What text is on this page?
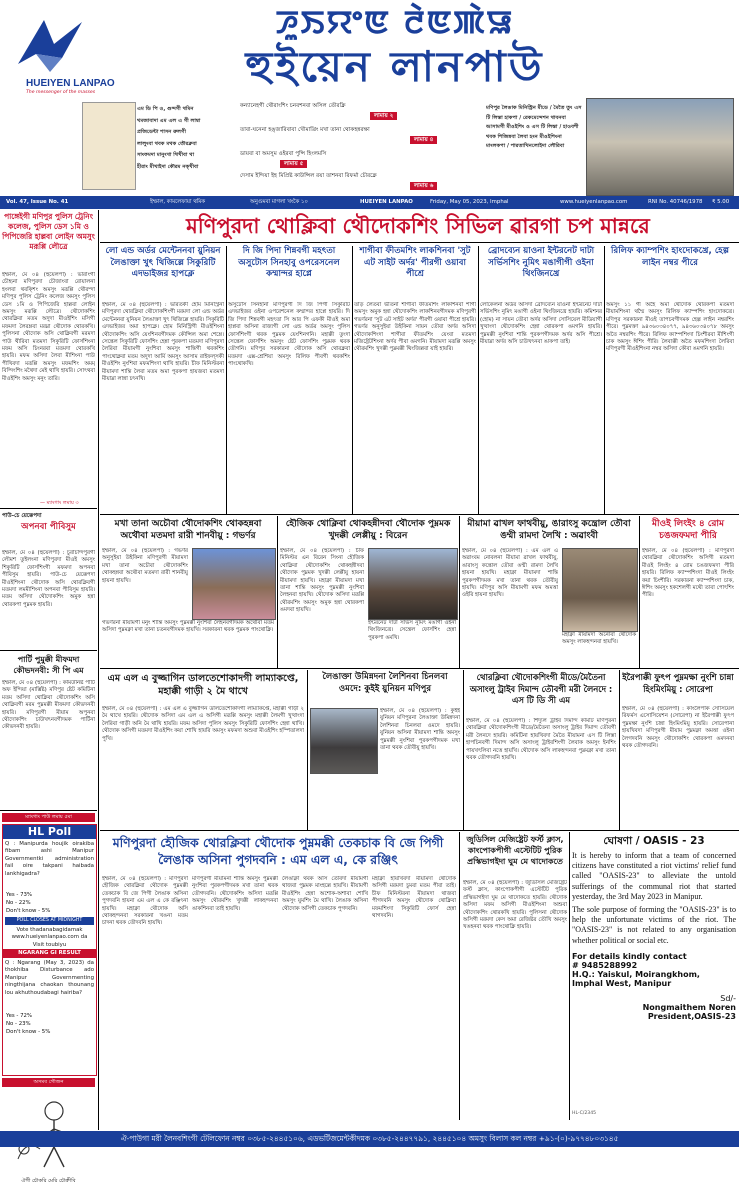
HUEIYEN LANPAO
The messenger of the masses
ꯍꯨꯏꯌꯦꯟ ꯂꯥꯟꯄꯥꯎ
হুইয়েন লানপাউ

এম ডি পি ও, গুন্দগী থমিন

থমজাবাদা এম এল এ গী লাম্বা

প্রজিডেন্টা শাসন রুলগী

লালুংবা থবক মথক তৌরক্লবা

সাংফমদা মানুংখা থিখীবা থা

হীরাং মীখাইদা কৌরম নক্খীবা

কন্যানেহগী থৌরাংশিং চনবশনবা অসিল তৌরক্লি
লামায় ২
তাবা-ঘনেনা হঙ্জারিবাবা খৌমাখ্রিং মখা তানা থোকহন্নরক্ষা
লামায় ৪
ডায়বা বা অমসুম ওইরবা পুন্সি হিংলমসি
লামায় ৫
দেসাম ইন্দিয়া ইহ মিপ্রিষ্ট কাউন্সিল রয়া তাশনবা রিফর্মা চৌরক্লে
লামায় ৬
মণিপুর লৈঙাক মিনিস্ট্রিন মীডে / মৈতৈ তুং এস টি লিস্তা হাকপা / রেকমেন্দেশন থাবনবা আসামগী মীওইশিং ও এস টি লিস্তা / হাওবশী থবক শিজিন্নবা লৈবা হংন মীওইশিংনা মাংলকপা / পারতাখিনলোইদা লৌরিবা
Vol. 47, Issue No. 41	ইম্ফাল, কামলেফায়া থমিক	অনুগুমবা মাগলা খংকৈ ১০	HUEIYEN LANPAO	Friday, May 05, 2023, Imphal	www.hueiyenlanpao.com	RNI No. 40746/1978 ₹ 5.00
পাঙ্গেইগী মণিপুর পুলিস ট্রেনিং কলেজ, পুলিস ডেস ১মি ও পিপিজেরি হাল্লবা লোইন অমসুং মরূপ্পি লৌত্রে
ইম্ফাল, মে ০৪ (হুয়েলপা) : ভারাংগী চৌহৃনা মণিপুরদা চৌজাংবা রোয়ালনা হংলবা থবক্শিং অমসুং মরূপ্পি থৌরম্দা মণিপুর পুলিস ট্রেনিং কলেজ অমসুং পুলিস ডেস ১মি ও পিপিজেরি হাল্লবা লোইন অমসুং মরূপ্পি লৌত্রে। থৌদোকশিং থোরক্লিবা মতম অদুদা মীওইশিং মসিগী মফমদা লৈরম্লবা মরম্না থৌদোক থোরকখি। পুলিসনা থৌদোক অসি থোক্লিবগী মরমদা পাউ থীরিবা মতমদা সিকুরিটি ফোর্সশিংনা মফম অসি চিংনরবা মতমদা থোরকখি হায়রি। মফম অসিদা লৈবা মীশিংনা পাউ পীখিবদা মরূপ্পি অমসুং মফমশিং অমম্ বিল্দিংশিং মথৈদা মেই থাখি হায়রি। সোৎথবা মীওইশিং অমসুং মনুং তারি।
— ম্যাংগাং লমায় ৩
পাউ-চে য়েক্কেপদা
অপনবা পীবিসুম
ইম্ফাল, মে ০৪ (হুয়েলপা) : চুরাচান্দপুরগী লৌমশ তুইলংনা মণিপুরদা মীওই অমসুং শিকুরিটি ফোর্সশিংগী মফমদা অপনবা পীবিসুম হায়রি। পাউ-চে য়েক্কেপদা মীওইশিংনা থৌদোক অসি থোরক্লিবগী মতমদা লমমীশিংনা অপনবা পীবিসুম হায়রি। মতম অসিদা থৌদোকশিং অমুক হন্না থোরকপা পুম্নমক হায়রি।
পার্টি পুমুক্কী মীফমদা কৌভদনবী: সী পি এম
ইম্ফাল, মে ০৪ (হুয়েলপা) : কমিউনিষ্ট পার্টি অফ ইন্দিয়া (মার্ক্সিষ্ট) মণিপুর ষ্টেট কমিটিনা মতম অসিদা থোক্লিবা থৌদোকশিং অসি থোক্লিবগী মরম পুম্নমক্কী মীফমদা কৌভদনবী হায়রি। মণিপুরগী মীয়াম অপুনবা থৌদোকশিং চাউখৎনবগীদমক পার্টিনা কৌভদনবী হায়রি।
ম্যাংগাং পাউ লমায় ৫মা
HL Poll
Q : Manipurda houjik oirakiba fibam ashi Manipur Governmentki administration fail oire takpani haibada lankhigadra?
Yes - 73%
No - 22%
Don't know - 5%
POLL CLOSES AT MIDNIGHT
Vote thadanabagidamak www.hueiyenlanpao.com da Visit toubiyu
NGARANG GI RESULT
Q : Ngarang (May 3, 2023) da thokhiba Disturbance ado Manipur Governmenting ningthijana chaokan thounang lou akhuthoudabagi hairiba?
Yes - 72%
No - 23%
Don't know - 5%
অসমব গৌজন
ঐগী চৌকরি মেরি চৌক্রীবি
মণিপুরদা থোক্লিবা থৌদোকশিং সিভিল ৱারগা চপ মান্নরে
লো এন্ড অর্ডর মেন্টেননবা য়ুনিয়ন লৈঙাক্তা খুৎ থিজিল্লে সিকুরিটি এদভাইজর হাপক্লে
দি জি পিদা শিন্নবগী মহৎতা অসুটোস সিনহাবু ওপরেসনেল কম্মান্দর হাপ্লে
শাগীবা ফীতমশিং লাকশিনবা 'সুট এট সাইট অর্দর' পীরগী ওয়াবা পীশ্রে
ব্রোদব্যেন য়াওনা ইন্টরনেট দাটা সর্ভিসশিং নুমিৎ মঙাগীগী ওইনা থিংজিনখ্রে
রিলিফ ক্যাম্পশিং হাংদোকখ্রে, হেল্প লাইন নম্বর পীরে
ইম্ফাল, মে ০৪ (হুয়েলপা) : ভারতকী হোম মিনিস্ট্রিনা মণিপুরদা থোরক্লিবা থৌদোকশিংগী মরমদা লো এন্ড অর্ডর মেন্টেননবা য়ুনিয়ন লৈঙাক্তা খুৎ থিজিল্লে হায়রি। সিকুরিটি এদভাইজর অমা হাপক্লে। হোম মিনিস্ট্রিগী মীওইশিংনা থৌদোকশিং অসি য়েংশিনবগীদমক কৌন্সিল অমা শেম্লে। সেন্ত্রেল সিকুরিটি ফোর্সশিং হেন্না পুরকপা মতমদা মণিপুরদা লৈরিবা মীয়ামগী নুংশিবা অমসুং শান্তিগী থবকশিং পাংথোক্লবা মতম অদুদা আর্মি অমসুং আসাম রাইফল্সকী মীওইশিং নুংশিবা মফমশিংদা থাখি হায়রি। চীফ মিনিস্টরনা মীয়ামদা শান্তি লৈবা মতম অমা পুরকপা হায়জবা মতমদা মীয়াম্না লান্না চৎনখি।
অসুটোস সিনহানা মণিপুরগী দি জি পিগী সিকুরিটি এদভাইজর ওইনা ওপরেশনেল কম্মান্দর হাপ্লে হায়রি। দি জি পিদা শিন্নবগী মহৎতা সি আর পি এফকী মীওই অমা হাপ্লবা অসিনা রাজ্যগী লো এন্ড অর্ডর অমসুং পুলিস ফোর্সশিংগী থবক পুম্নমক য়েংশিনগনি। মহাক্কী তুংদা সেন্ত্রেল ফোর্সশিং অমসুং ষ্টেট ফোর্সশিং পুম্নমক থবক তৌগনি। মণিপুর সরকারনা থৌদোক অসি থোরক্লবা মতমদা এক্স-শ্রেশিয়া অমসুং রিলিফ পীবগী থবকশিং পাংথোকখি।
তাড় লৈতবা ভীতনা শাগীবা ফীতমশিং লাকশিনবা শাগী অমসুং অমুক হন্না থৌদোকশিং লাকশিনবগীদমক মণিপুরগী গভর্ণরনা 'সুট এট সাইট অর্দর' পীরগী ওয়াবা পীশ্রে হায়রি। গভর্ণর অনুসুইয়া উইকিনা সায়ন তৌবা অর্দর অসিদা থৌদোকশিংদা শাগীবা ফীতমশিং য়েংবা মতমদা মজিষ্ট্রেটশিংনা অর্দর পীবা ঙমগনি। মীয়ামদা মরূপ্পি অমসুং থৌরমশিং খুদক্কী পুম্নমক্কী থিংজিল্লবা য়াই হায়রি।
লোকেলনা অর্ডর অসিদা ব্রোদব্যেন য়াওনা ইন্টরনেট দাটা সর্ভিসশিং নুমিৎ মঙাগী ওইনা থিংজিনখ্রে হায়রি। কমিশনর (হোম) না সায়ন তৌবা অর্দর অসিদা সোসিয়েল মীডিয়াগী খুত্থাংদা থৌদোকশিং হেন্না থোরকপা ঙমগনি হায়রি। পুম্নমক্কী নুংশিবা শান্তি পুরকপগীদমক অর্দর অসি পীশ্রে। মীয়াম্না অর্দর অসি চাউখৎনবা ঙাকপা তাই।
অমসুং ১১ গী অহৈ অমা থৌদোক থোরকপা মতমদা মীয়ামশিংনা থম্মৈ অমসুং রিলিফ ক্যাম্পশিং হাংদোকখ্রে। মণিপুর সরকারনা মীওই তাপচবগীদমক হেল্প লাইন নম্বরশিং পীরে। পুম্নমক্তা ৯৪৩৬০৩৪০৭৭, ৯৪৩৬০৩৪০৭৮ অমসুং অতৈ নম্বরশিং পীরে। রিলিফ ক্যাম্পশিংদা চিংশীরবা মীশিংগী চাক অমসুং ঈশিং পীরি। লৈবাক্কী অতৈ মফমশিংদা লৈরিবা মণিপুরগী মীওইশিংনা নম্বর অসিদা কৌবা ঙমগনি হায়রি।
মখা তানা অচৌবা থৌদোকশিং থোকহন্নবা অথৌবা মতমদা রারী শানবীয়ু : গভর্ণর
হৌজিক থোক্লিবা থোকহন্নীদবা থৌদোক পুম্নমক খুদক্কী লেপ্পীয়ু : বিরেন
মীয়ামা ৱাখল ফাথবীয়ু, ঙারাংসু কন্ত্রোল তৌবা ঙম্মী রামদা লৈখি : অৱাংবী
মীওই লিংইং ৪ রোম চঙজফমদা পীরি
ইম্ফাল, মে ০৪ (হুয়েলপা) : গভর্ণর অনুসুইয়া উইকিনা মণিপুরগী মীয়ামদা মখা তানা অচৌবা থৌদোকশিং থোকহন্নবা অথৌবা মতমদা রারী শানবীয়ু হায়না হায়খি।
গভর্ণরনা মীয়ামগী মনুং শান্তি অমসুং পুম্নমক্কী নুংশিবা লৈহনবগীদমক অথৌবা মতম অসিদা পুম্নমক্না মখা তানা চতনবগীদমক হায়খি। সরকারনা থবক পুম্নমক পাংথোক্লি।
ইম্ফাল, মে ০৪ (হুয়েলপা) : চীফ মিনিস্টর এন বিরেন সিংনা হৌজিক থোক্লিবা থৌদোকশিং থোকহন্নীদবা থৌদোক পুম্নমক খুদক্কী লেপ্পীয়ু হায়না মীয়ামদা হায়খি। মহাক্না মীয়ামদা মখা তানা শান্তি অমসুং পুম্নমক্কী নুংশিবা লৈহনবা হায়খি। থৌদোক অসিদা মরূপ্পি থৌরমশিং অমসুং অমুক হন্না থোরকপা ঙমদবা হায়খি।
ইন্টরনেট দাটা সর্ভিস নুমিৎ মঙাগী ওইনা থিংজিনখ্রে। সেন্ত্রেল ফোর্সশিং হেন্না পুরকপা ঙমখি।
ইম্ফাল, মে ০৪ (হুয়েলপা) : এম এল এ অৱাংবম নোবলনা মীয়ামা ৱাখল ফাথবীয়ু, ঙারাংসু কন্ত্রোল তৌবা ঙম্মী রামদা লৈখি হায়না হায়খি। মহাক্না মীয়ামদা শান্তি পুরকপগীদমক মখা তানা থবক তৌবীয়ু হায়খি। মণিপুর অসি মীয়ামগী মফম অমত্তা ওইরি হায়না হায়খি।
মহাক্না মীয়ামদা অনৌবা থৌদোক অমসুং লাকহন্দনবা হায়খি।
ইম্ফাল, মে ০৪ (হুয়েলপা) : মণিপুরদা থোরক্লিবা থৌদোকশিং অসিগী মতমদা মীওই লিংইং ৪ রোম চঙজফমদা পীরি হায়রি। রিলিফ ক্যাম্পশিংদা মীওই লিংইং কয়া চিংশীরি। সরকারনা ক্যাম্পশিংদা চাক, ঈশিং অমসুং হকশেলগী মথৌ তাবা পোৎশিং পীরি।
এম এল এ বুজ্জাগিন ডালতেশোকাদগী লাম্যাকপ্তে, মহাক্কী গাড়ী ২ মৈ থাখে
ইম্ফাল, মে ০৪ (হুয়েলপা) : এম এল এ বুজ্জাগিন ডালতেশোকাদগী লাম্যাকপ্তে, মহাক্কী গাড়ী ২ মৈ থাখে হায়রি। থৌদোক অসিদা এম এল এ অসিগী মরূপ্পি অমসুং মহাক্কী লৈমগী খুত্থাংদা লৈরিবা গাড়ী অনি মৈ থাখি হায়রি। মফম অসিদা পুলিস অমসুং সিকুরিটি ফোর্সশিং হেন্না থাখি। থৌদোক অসিগী মতমদা মীওইশিং কয়া শোখি হায়রি অমসুং মফমদা অশুবা মীওইশিং হস্পিতালদা পুখি।
লৈঙাক্তা উমিন্নদনা লৈশিনবা চিনলবা ওমদে: কুইই য়ুনিয়ন মণিপুর
ইম্ফাল, মে ০৪ (হুয়েলপা) : কুইই য়ুনিয়ন মণিপুরনা লৈঙাক্তা উমিন্নদনা লৈশিনবা চিনলবা ওমদে হায়রি। য়ুনিয়ন অসিনা মীয়ামদা শান্তি অমসুং পুম্নমক্কী নুংশিবা পুরকপগীদমক মখা তানা থবক তৌবীয়ু হায়খি।
থোরক্লিবা থৌদোকশিংগী মীডে/মৈতৈনা অসাংলু ট্রাইব দিমান্দ তৌবগী মরী লৈনদে : এস টি ডি সী এম
ইম্ফাল, মে ০৪ (হুয়েলপা) : শিদ্যুল ট্রাইব দিমান্দ কমিটি মণিপুরনা থোরক্লিবা থৌদোকশিংগী মীডে/মৈতৈনা অসাংলু ট্রাইব দিমান্দ তৌবগী মরী লৈনদে হায়রি। কমিটিনা হায়খিবদা মৈতৈ মীয়ামনা এস টি লিস্তা হাপচিনবগী দিমান্দ অসি অসাংলু ট্রাইবশিংগী লৈবাক অমসুং ইনশিং পায়খৎলিবা নত্তে হায়খি। থৌদোক অসি লাকহন্দনবা পুম্নমক্না মখা তানা থবক তৌগদবনি হায়খি।
ইরৈপাক্কী ফুৎপ পুম্নমক্ষা নুংশি চান্না হিংমিংমিয়ু : সোরেপা
ইম্ফাল, মে ০৪ (হুয়েলপা) : কাংলৈপাক সোসিয়েল রিফর্মস এসোসিয়েশন (সোরেপা) না ইরৈপাক্কী ফুৎপ পুম্নমক্ষা নুংশি চান্না হিংমিংমিয়ু হায়রি। সোরেপানা হায়খিবদা মণিপুরগী মীয়াম পুম্নমক্না অমত্তা ওইনা লৈগদবনি অমসুং থৌদোকশিং থোরকপা ঙমদনবা থবক তৌগদবনি।
মণিপুরদা হৌজিক থোরক্লিবা থৌদোক পুম্নমক্কী তেকচাক বি জে পিগী লৈঙাক অসিনা পুগদবনি : এম এল এ, কে রঞ্জিৎ
ইম্ফাল, মে ০৪ (হুয়েলপা) : মণিপুরদা হৌজিক থোরক্লিবা থৌদোক পুম্নমক্কী তেকচাক বি জে পিগী লৈঙাক অসিনা পুগদবনি হায়না এম এল এ কে রঞ্জিৎনা হায়খি। মহাক্না থৌদোক অসি থোকহন্দনবা সরকারনা খঙনা মতম চাদনা থবক তৌদবনি হায়খি।
মণিপুরগী মীয়ামনা শান্তি অমসুং পুম্নমক্কী নুংশিবা পুরকপগীদমক মখা তানা থবক তৌগদবনি। থৌদোকশিং অসিদা মরূপ্পি অমসুং থৌরমশিং খুদক্কী লাকহন্দনবা ঙাকশিনবা তাই হায়খি।
লৈঙাক্না থবক অসি তৌবদা মীয়ামগী থাজবা পুম্নমক মাংহল্লে হায়খি। মীয়ামগী মীওইশিং হেন্না অশোক-অশাবা শোখি অমসুং য়ুমশিং মৈ থাখি। লৈঙাক অসিনা থৌদোক অসিগী তেকচাক পুগদবনি।
মহাক্না হায়খিবদা মীয়ামদা থৌদোক অসিগী মরমদা চুমবা মতম পীবা তাই। চীফ মিনিস্টরনা মীয়ামদা থাজবা পীগদবনি অমসুং থৌদোক থোক্লিবা মফমশিংদা সিকুরিটি ফোর্স হেন্না থাগদবনি।
জুডিসিল মেজিষ্ট্রেট ফর্স্ট ক্লাস, কাংপোকপীগী এস্টেটিট পুরিক প্রস্কিভাগইদা ঘুম মে থাদোকতে
ইম্ফাল, মে ০৪ (হুয়েলপা) : জুডিসিল মেজিষ্ট্রেট ফর্স্ট ক্লাস, কাংপোকপীগী এস্টেটিট পুরিক প্রস্কিভাগইদা ঘুম মে থাদোকতে হায়রি। থৌদোক অসিদা মফম অসিগী মীওইশিংনা অশুবা থৌদোকশিং থোরকখি হায়রি। পুলিসনা থৌদোক অসিগী মরমদা কেস অমা রেজিষ্টর তৌখি অমসুং খঙহনবা থবক পাংথোক্লি হায়রি।
ঘোষণা / OASIS - 23
It is hereby to inform that a team of concerned citizens have constituted a riot victims' relief fund called "OASIS-23" to alleviate the untold sufferings of the communal riot that started yesterday, the 3rd May 2023 in Manipur.
The sole purpose of forming the "OASIS-23" is to help the unfortunate victims of the riot. The "OASIS-23" is not related to any organisation whether political or social etc.
For details kindly contact
# 9485288992
H.Q.: Yaiskul, Moirangkhom,
Imphal West, Manipur
Sd/-
Nongmaithem Noren
President,OASIS-23
HL-C/2345
ঐ-পাউগা মরী লৈনবশিংগী টেলিফোন নম্বর ০৩৮৫-২৪৪৫১০৬, এডভর্টিজমেন্টকীদমক ০৩৮৫-২৪৪৭৭৯১, ২৪৪৫১০৪ অমসুং বিলাস কল নম্বর +৯১-(০)-৯৭৭৪৮০৩১৪৫
